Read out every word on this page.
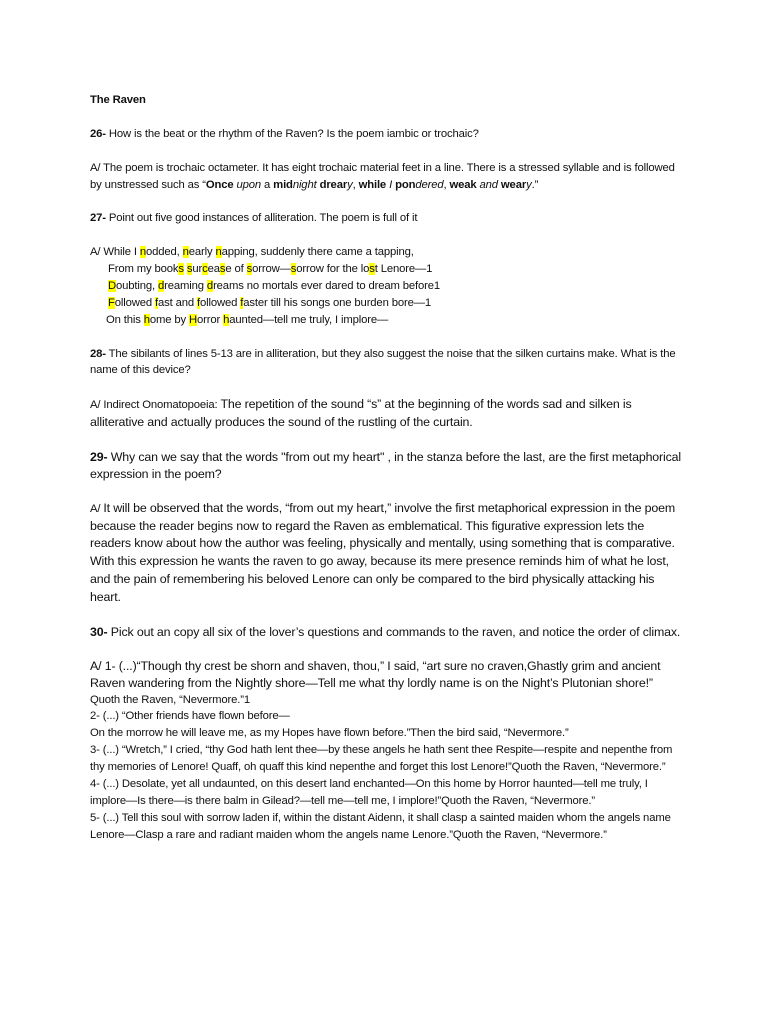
The Raven

26- How is the beat or the rhythm of the Raven? Is the poem iambic or trochaic?

A/ The poem is trochaic octameter. It has eight trochaic material feet in a line. There is a stressed syllable and is followed by unstressed such as “Once upon a midnight dreary, while I pondered, weak and weary.”

27- Point out five good instances of alliteration. The poem is full of it

A/ While I nodded, nearly napping, suddenly there came a tapping,

From my books surcease of sorrow—sorrow for the lost Lenore—1

Doubting, dreaming dreams no mortals ever dared to dream before1

Followed fast and followed faster till his songs one burden bore—1

On this home by Horror haunted—tell me truly, I implore—

28- The sibilants of lines 5-13 are in alliteration, but they also suggest the noise that the silken curtains make. What is the name of this device?

A/ Indirect Onomatopoeia: The repetition of the sound “s” at the beginning of the words sad and silken is alliterative and actually produces the sound of the rustling of the curtain.

29- Why can we say that the words "from out my heart" , in the stanza before the last, are the first metaphorical expression in the poem?

A/ It will be observed that the words, “from out my heart,” involve the first metaphorical expression in the poem because the reader begins now to regard the Raven as emblematical. This figurative expression lets the readers know about how the author was feeling, physically and mentally, using something that is comparative. With this expression he wants the raven to go away, because its mere presence reminds him of what he lost, and the pain of remembering his beloved Lenore can only be compared to the bird physically attacking his heart.

30- Pick out an copy all six of the lover’s questions and commands to the raven, and notice the order of climax.

A/ 1- (...)“Though thy crest be shorn and shaven, thou,” I said, “art sure no craven,Ghastly grim and ancient Raven wandering from the Nightly shore—Tell me what thy lordly name is on the Night’s Plutonian shore!”

Quoth the Raven, “Nevermore.”1

2- (...) “Other friends have flown before—

On the morrow he will leave me, as my Hopes have flown before.”Then the bird said, “Nevermore.”

3- (...) “Wretch,” I cried, “thy God hath lent thee—by these angels he hath sent thee Respite—respite and nepenthe from thy memories of Lenore! Quaff, oh quaff this kind nepenthe and forget this lost Lenore!”Quoth the Raven, “Nevermore.”

4- (...) Desolate, yet all undaunted, on this desert land enchanted—On this home by Horror haunted—tell me truly, I implore—Is there—is there balm in Gilead?—tell me—tell me, I implore!”Quoth the Raven, “Nevermore.”

5- (...) Tell this soul with sorrow laden if, within the distant Aidenn, it shall clasp a sainted maiden whom the angels name Lenore—Clasp a rare and radiant maiden whom the angels name Lenore.”Quoth the Raven, “Nevermore.”
